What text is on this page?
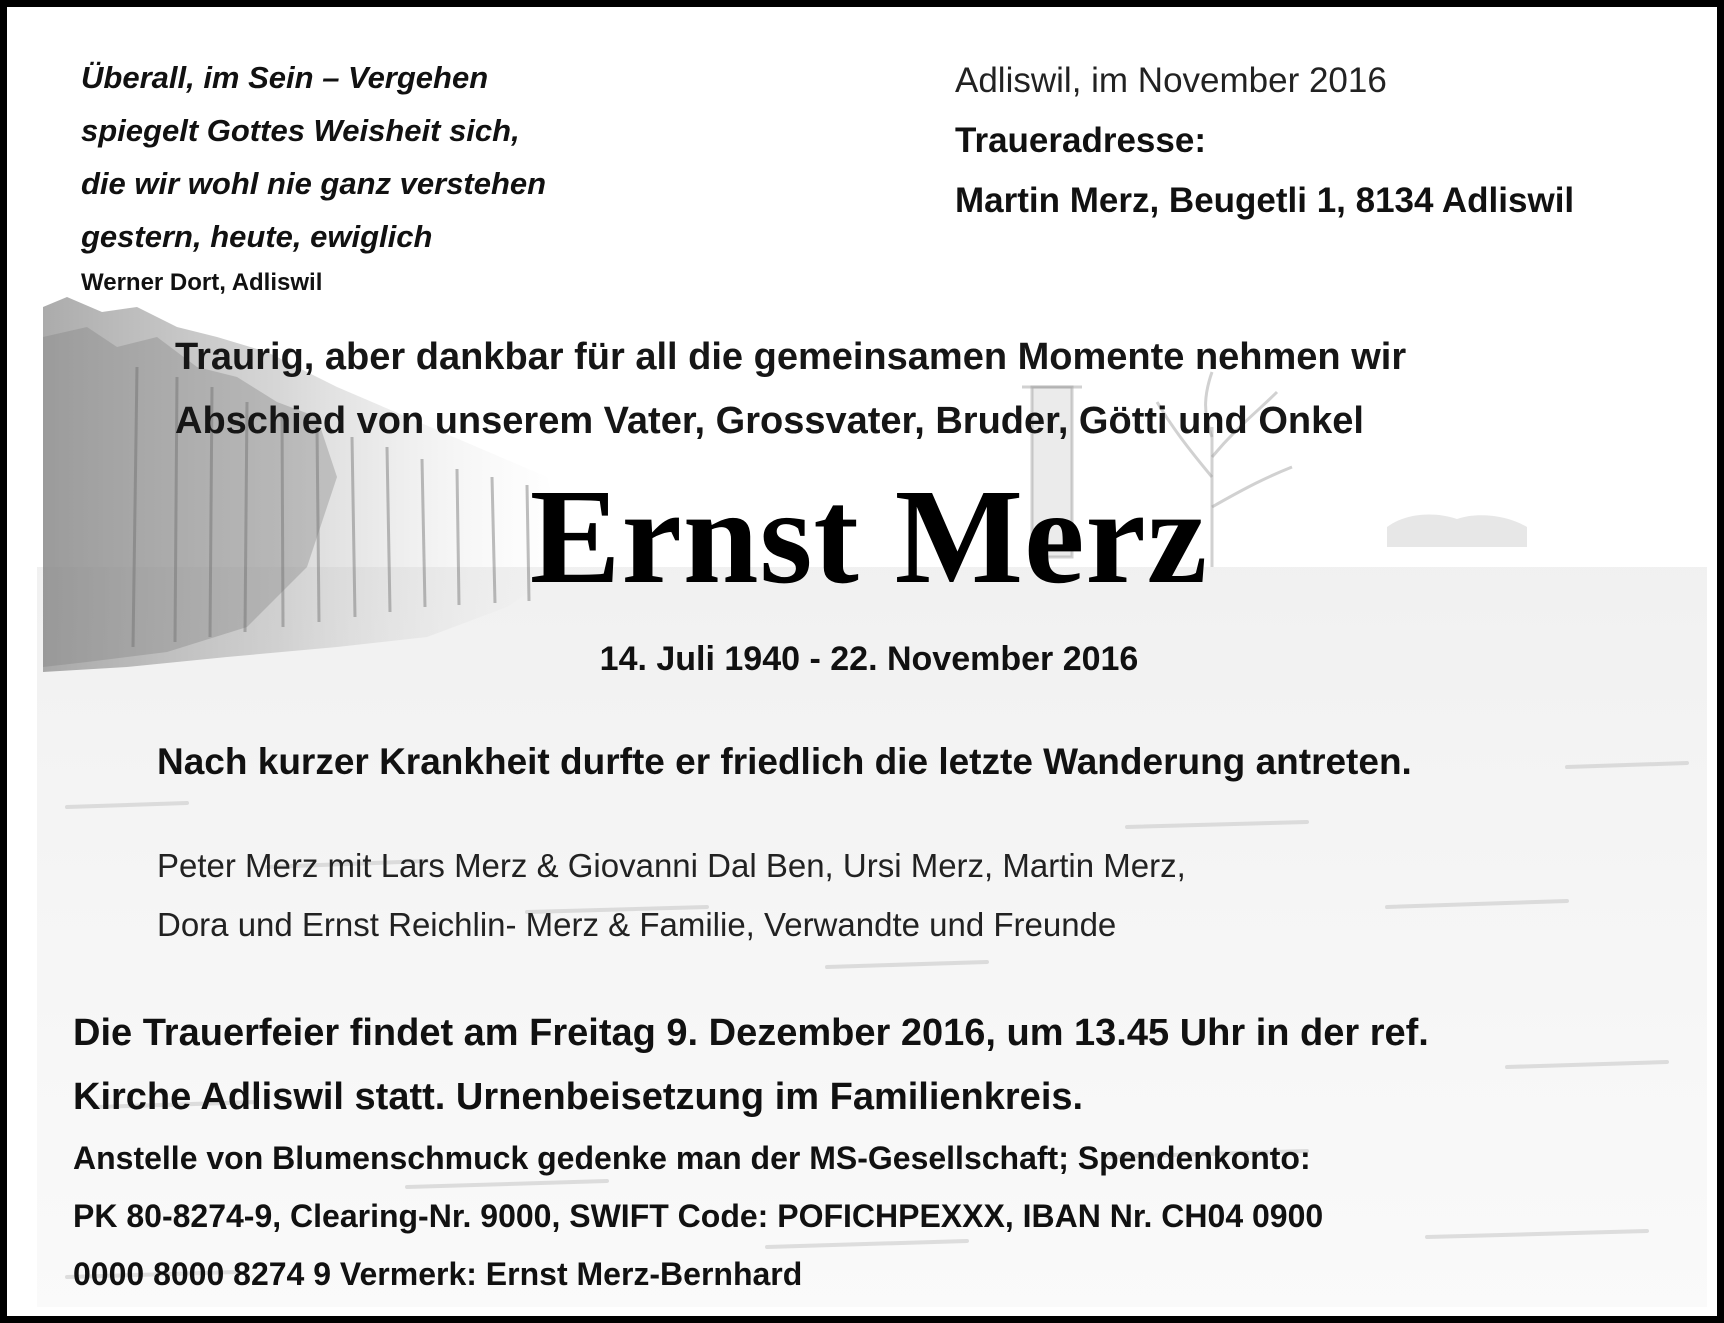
Überall, im Sein – Vergehen
spiegelt Gottes Weisheit sich,
die wir wohl nie ganz verstehen
gestern, heute, ewiglich
Werner Dort, Adliswil
Adliswil, im November 2016
Traueradresse:
Martin Merz, Beugetli 1, 8134 Adliswil
Traurig, aber dankbar für all die gemeinsamen Momente nehmen wir
Abschied von unserem Vater, Grossvater, Bruder, Götti und Onkel
Ernst Merz
14. Juli 1940 - 22. November 2016
Nach kurzer Krankheit durfte er friedlich die letzte Wanderung antreten.
Peter Merz mit Lars Merz & Giovanni Dal Ben, Ursi Merz, Martin Merz,
Dora und Ernst Reichlin- Merz & Familie, Verwandte und Freunde
Die Trauerfeier findet am Freitag 9. Dezember 2016, um 13.45 Uhr in der ref.
Kirche Adliswil statt. Urnenbeisetzung im Familienkreis.
Anstelle von Blumenschmuck gedenke man der MS-Gesellschaft; Spendenkonto:
PK 80-8274-9, Clearing-Nr. 9000, SWIFT Code: POFICHPEXXX, IBAN Nr. CH04 0900
0000 8000 8274 9 Vermerk: Ernst Merz-Bernhard
